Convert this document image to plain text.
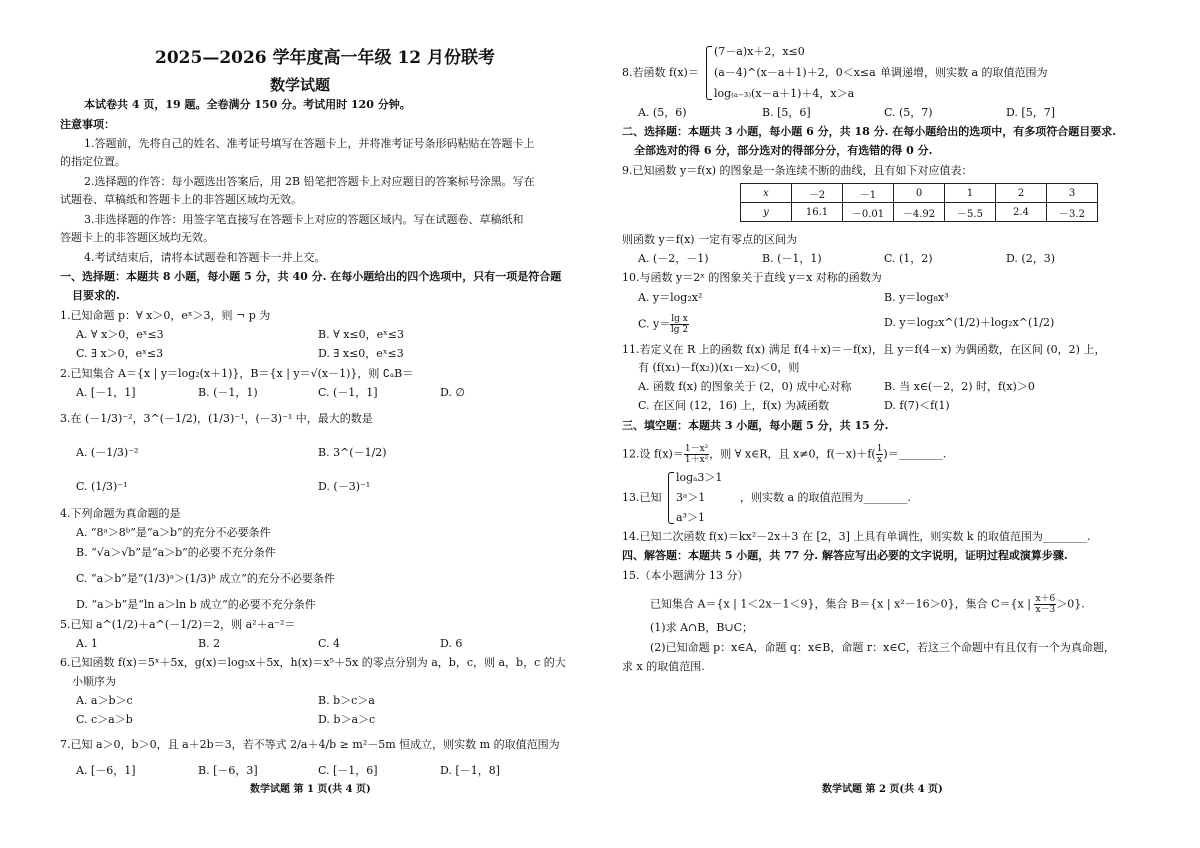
2025—2026 学年度高一年级 12 月份联考
数学试题
本试卷共 4 页，19 题。全卷满分 150 分。考试用时 120 分钟。
注意事项：
1.答题前，先将自己的姓名、准考证号填写在答题卡上，并将准考证号条形码粘贴在答题卡上
的指定位置。
2.选择题的作答：每小题选出答案后，用 2B 铅笔把答题卡上对应题目的答案标号涂黑。写在
试题卷、草稿纸和答题卡上的非答题区域均无效。
3.非选择题的作答：用签字笔直接写在答题卡上对应的答题区域内。写在试题卷、草稿纸和
答题卡上的非答题区域均无效。
4.考试结束后，请将本试题卷和答题卡一并上交。
一、选择题：本题共 8 小题，每小题 5 分，共 40 分. 在每小题给出的四个选项中，只有一项是符合题
目要求的.
1.已知命题 p：∀ x＞0，eˣ＞3，则 ¬ p 为
A. ∀ x＞0，eˣ≤3	B. ∀ x≤0，eˣ≤3
C. ∃ x＞0，eˣ≤3	D. ∃ x≤0，eˣ≤3
2.已知集合 A＝{x | y＝log₂(x＋1)}，B＝{x | y＝√(x－1)}，则 ∁ₐB＝
A. [－1，1]	B. (－1，1)	C. (－1，1]	D. ∅
3.在 (－1/3)⁻²，3^(－1/2)，(1/3)⁻¹，(－3)⁻¹ 中，最大的数是
A. (－1/3)⁻²	B. 3^(－1/2)
C. (1/3)⁻¹	D. (－3)⁻¹
4.下列命题为真命题的是
A. “8ᵃ＞8ᵇ”是“a＞b”的充分不必要条件
B. “√a＞√b”是“a＞b”的必要不充分条件
C. “a＞b”是“(1/3)ᵃ＞(1/3)ᵇ 成立”的充分不必要条件
D. “a＞b”是“ln a＞ln b 成立”的必要不充分条件
5.已知 a^(1/2)＋a^(－1/2)＝2，则 a²＋a⁻²＝
A. 1	B. 2	C. 4	D. 6
6.已知函数 f(x)＝5ˣ＋5x，g(x)＝log₅x＋5x，h(x)＝x⁵＋5x 的零点分别为 a，b，c，则 a，b，c 的大
小顺序为
A. a＞b＞c	B. b＞c＞a
C. c＞a＞b	D. b＞a＞c
7.已知 a＞0，b＞0，且 a＋2b＝3，若不等式 2/a＋4/b ≥ m²－5m 恒成立，则实数 m 的取值范围为
A. [－6，1]	B. [－6，3]	C. [－1，6]	D. [－1，8]
数学试题 第 1 页(共 4 页)
8.若函数 f(x)＝
(7－a)x＋2，x≤0
(a－4)^(x－a＋1)＋2，0＜x≤a
log₍ₐ₋₃₎(x－a＋1)＋4，x＞a
单调递增，则实数 a 的取值范围为
A. (5，6)	B. [5，6]	C. (5，7)	D. [5，7]
二、选择题：本题共 3 小题，每小题 6 分，共 18 分. 在每小题给出的选项中，有多项符合题目要求.
全部选对的得 6 分，部分选对的得部分分，有选错的得 0 分.
9.已知函数 y＝f(x) 的图象是一条连续不断的曲线，且有如下对应值表：
x	－2	－1	0	1	2	3
y	16.1	－0.01	－4.92	－5.5	2.4	－3.2
则函数 y＝f(x) 一定有零点的区间为
A. (－2，－1)	B. (－1，1)	C. (1，2)	D. (2，3)
10.与函数 y＝2ˣ 的图象关于直线 y＝x 对称的函数为
A. y＝log₂x²	B. y＝log₈x³
C. $y= \frac{\text{lg x}}{\lg 2}$	D. y＝log₂x^(1/2)＋log₂x^(1/2)
11.若定义在 R 上的函数 f(x) 满足 f(4＋x)＝－f(x)，且 y＝f(4－x) 为偶函数，在区间 (0，2) 上，
有 (f(x₁)－f(x₂))(x₁－x₂)＜0，则
A. 函数 f(x) 的图象关于 (2，0) 成中心对称	B. 当 x∈(－2，2) 时，f(x)＞0
C. 在区间 (12，16) 上，f(x) 为减函数	D. f(7)＜f(1)
三、填空题：本题共 3 小题，每小题 5 分，共 15 分.
12.设 $f(x)= \frac{\text{1－x²}}{\text{1＋x²}}$ ，则 ∀ x∈R，且 x≠0，$f(-x)+f( \frac{1}{x}$ )＝________.
13.已知
logₐ3＞1
3ᵃ＞1
a³＞1
，则实数 a 的取值范围为________.
14.已知二次函数 f(x)＝kx²－2x＋3 在 [2，3] 上具有单调性，则实数 k 的取值范围为________.
四、解答题：本题共 5 小题，共 77 分. 解答应写出必要的文字说明，证明过程或演算步骤.
15.（本小题满分 13 分）
已知集合 A＝{x | 1＜2x－1＜9}，集合 B＝{x | x²－16＞0}，集合 C＝{x | $\frac{x+6}{x-3} >0$}.
(1)求 A∩B，B∪C；
(2)已知命题 p：x∈A，命题 q：x∈B，命题 r：x∈C，若这三个命题中有且仅有一个为真命题，
求 x 的取值范围.
数学试题 第 2 页(共 4 页)
